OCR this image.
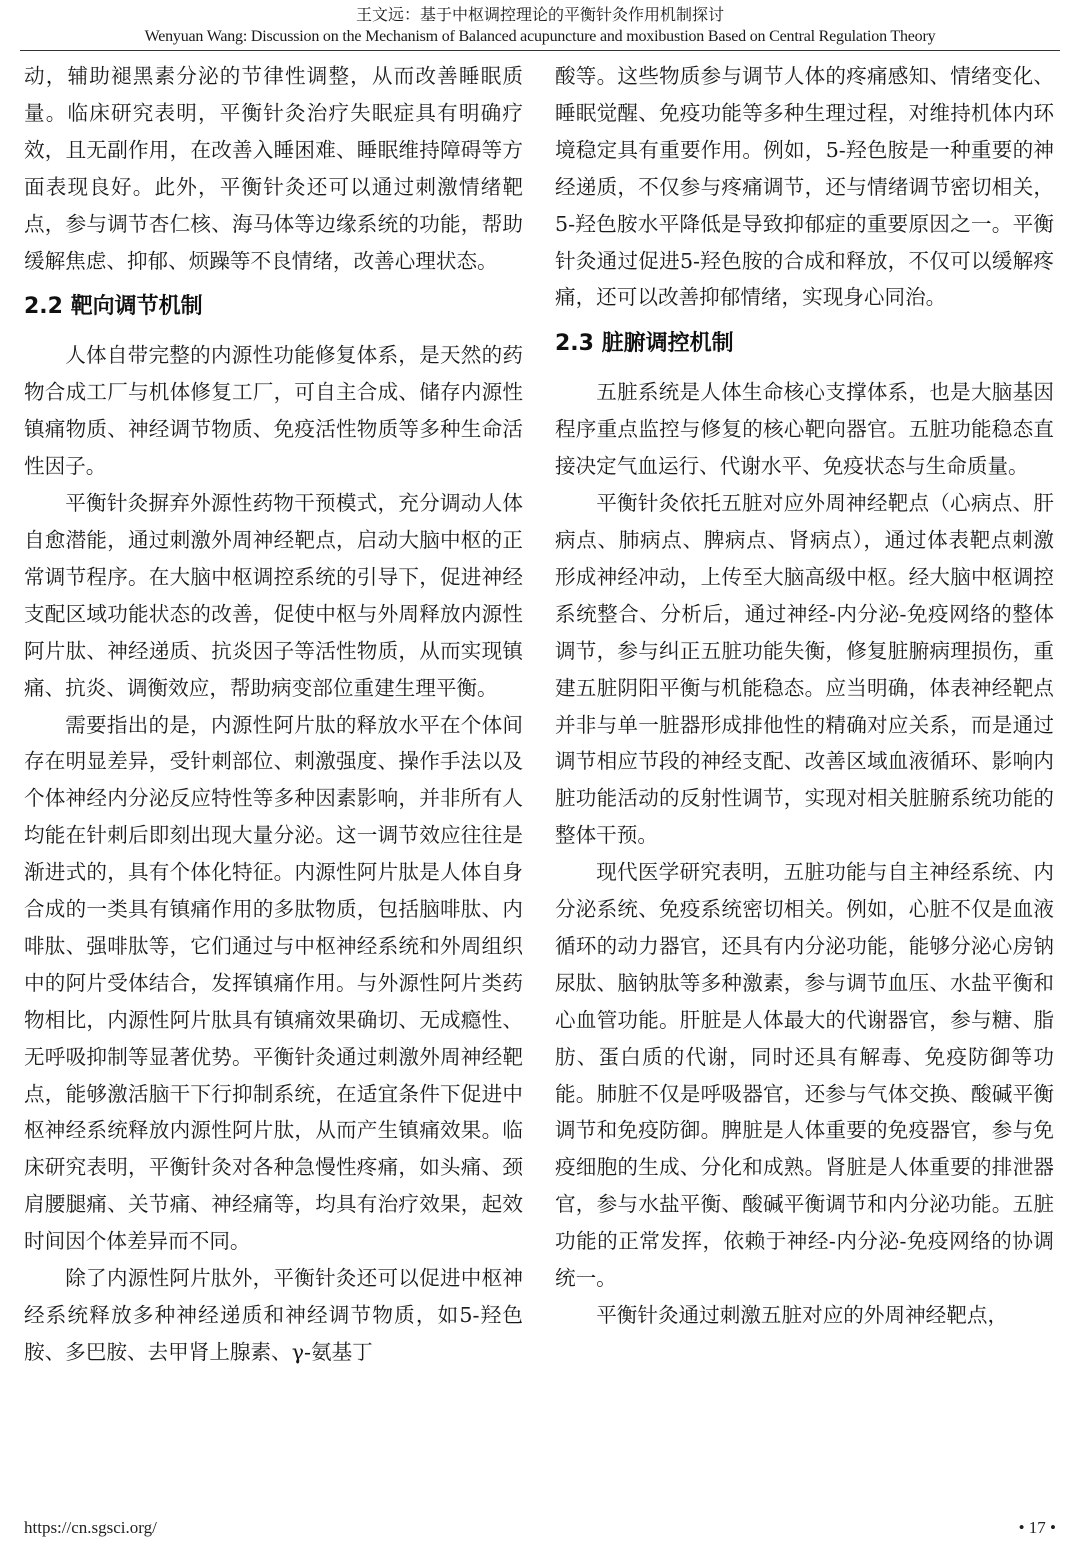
王文远：基于中枢调控理论的平衡针灸作用机制探讨
Wenyuan Wang: Discussion on the Mechanism of Balanced acupuncture and moxibustion Based on Central Regulation Theory

动，辅助褪黑素分泌的节律性调整，从而改善睡眠质量。临床研究表明，平衡针灸治疗失眠症具有明确疗效，且无副作用，在改善入睡困难、睡眠维持障碍等方面表现良好。此外，平衡针灸还可以通过刺激情绪靶点，参与调节杏仁核、海马体等边缘系统的功能，帮助缓解焦虑、抑郁、烦躁等不良情绪，改善心理状态。

2.2 靶向调节机制

人体自带完整的内源性功能修复体系，是天然的药物合成工厂与机体修复工厂，可自主合成、储存内源性镇痛物质、神经调节物质、免疫活性物质等多种生命活性因子。

平衡针灸摒弃外源性药物干预模式，充分调动人体自愈潜能，通过刺激外周神经靶点，启动大脑中枢的正常调节程序。在大脑中枢调控系统的引导下，促进神经支配区域功能状态的改善，促使中枢与外周释放内源性阿片肽、神经递质、抗炎因子等活性物质，从而实现镇痛、抗炎、调衡效应，帮助病变部位重建生理平衡。

需要指出的是，内源性阿片肽的释放水平在个体间存在明显差异，受针刺部位、刺激强度、操作手法以及个体神经内分泌反应特性等多种因素影响，并非所有人均能在针刺后即刻出现大量分泌。这一调节效应往往是渐进式的，具有个体化特征。内源性阿片肽是人体自身合成的一类具有镇痛作用的多肽物质，包括脑啡肽、内啡肽、强啡肽等，它们通过与中枢神经系统和外周组织中的阿片受体结合，发挥镇痛作用。与外源性阿片类药物相比，内源性阿片肽具有镇痛效果确切、无成瘾性、无呼吸抑制等显著优势。平衡针灸通过刺激外周神经靶点，能够激活脑干下行抑制系统，在适宜条件下促进中枢神经系统释放内源性阿片肽，从而产生镇痛效果。临床研究表明，平衡针灸对各种急慢性疼痛，如头痛、颈肩腰腿痛、关节痛、神经痛等，均具有治疗效果，起效时间因个体差异而不同。

除了内源性阿片肽外，平衡针灸还可以促进中枢神经系统释放多种神经递质和神经调节物质，如5-羟色胺、多巴胺、去甲肾上腺素、γ-氨基丁

酸等。这些物质参与调节人体的疼痛感知、情绪变化、睡眠觉醒、免疫功能等多种生理过程，对维持机体内环境稳定具有重要作用。例如，5-羟色胺是一种重要的神经递质，不仅参与疼痛调节，还与情绪调节密切相关，5-羟色胺水平降低是导致抑郁症的重要原因之一。平衡针灸通过促进5-羟色胺的合成和释放，不仅可以缓解疼痛，还可以改善抑郁情绪，实现身心同治。

2.3 脏腑调控机制

五脏系统是人体生命核心支撑体系，也是大脑基因程序重点监控与修复的核心靶向器官。五脏功能稳态直接决定气血运行、代谢水平、免疫状态与生命质量。

平衡针灸依托五脏对应外周神经靶点（心病点、肝病点、肺病点、脾病点、肾病点），通过体表靶点刺激形成神经冲动，上传至大脑高级中枢。经大脑中枢调控系统整合、分析后，通过神经-内分泌-免疫网络的整体调节，参与纠正五脏功能失衡，修复脏腑病理损伤，重建五脏阴阳平衡与机能稳态。应当明确，体表神经靶点并非与单一脏器形成排他性的精确对应关系，而是通过调节相应节段的神经支配、改善区域血液循环、影响内脏功能活动的反射性调节，实现对相关脏腑系统功能的整体干预。

现代医学研究表明，五脏功能与自主神经系统、内分泌系统、免疫系统密切相关。例如，心脏不仅是血液循环的动力器官，还具有内分泌功能，能够分泌心房钠尿肽、脑钠肽等多种激素，参与调节血压、水盐平衡和心血管功能。肝脏是人体最大的代谢器官，参与糖、脂肪、蛋白质的代谢，同时还具有解毒、免疫防御等功能。肺脏不仅是呼吸器官，还参与气体交换、酸碱平衡调节和免疫防御。脾脏是人体重要的免疫器官，参与免疫细胞的生成、分化和成熟。肾脏是人体重要的排泄器官，参与水盐平衡、酸碱平衡调节和内分泌功能。五脏功能的正常发挥，依赖于神经-内分泌-免疫网络的协调统一。

平衡针灸通过刺激五脏对应的外周神经靶点，

https://cn.sgsci.org/	• 17 •
